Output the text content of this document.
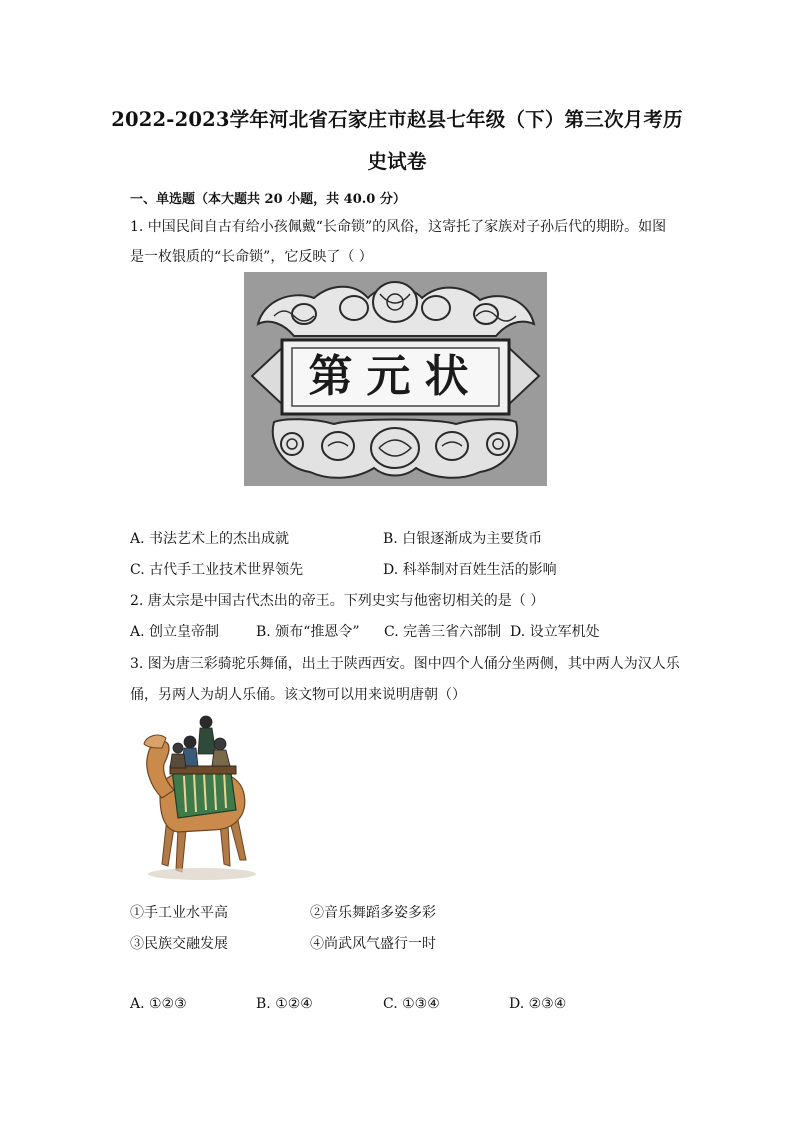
2022-2023学年河北省石家庄市赵县七年级（下）第三次月考历
史试卷
一、单选题（本大题共 20 小题，共 40.0 分）
1. 中国民间自古有给小孩佩戴“长命锁”的风俗，这寄托了家族对子孙后代的期盼。如图
是一枚银质的“长命锁”，它反映了（ ）
状元第
A. 书法艺术上的杰出成就	B. 白银逐渐成为主要货币
C. 古代手工业技术世界领先	D. 科举制对百姓生活的影响
2. 唐太宗是中国古代杰出的帝王。下列史实与他密切相关的是（ ）
A. 创立皇帝制	B. 颁布“推恩令” C. 完善三省六部制 D. 设立军机处
3. 图为唐三彩骑驼乐舞俑，出土于陕西西安。图中四个人俑分坐两侧，其中两人为汉人乐
俑，另两人为胡人乐俑。该文物可以用来说明唐朝（）
①手工业水平高	②音乐舞蹈多姿多彩
③民族交融发展	④尚武风气盛行一时
A. ①②③	B. ①②④	C. ①③④	D. ②③④
